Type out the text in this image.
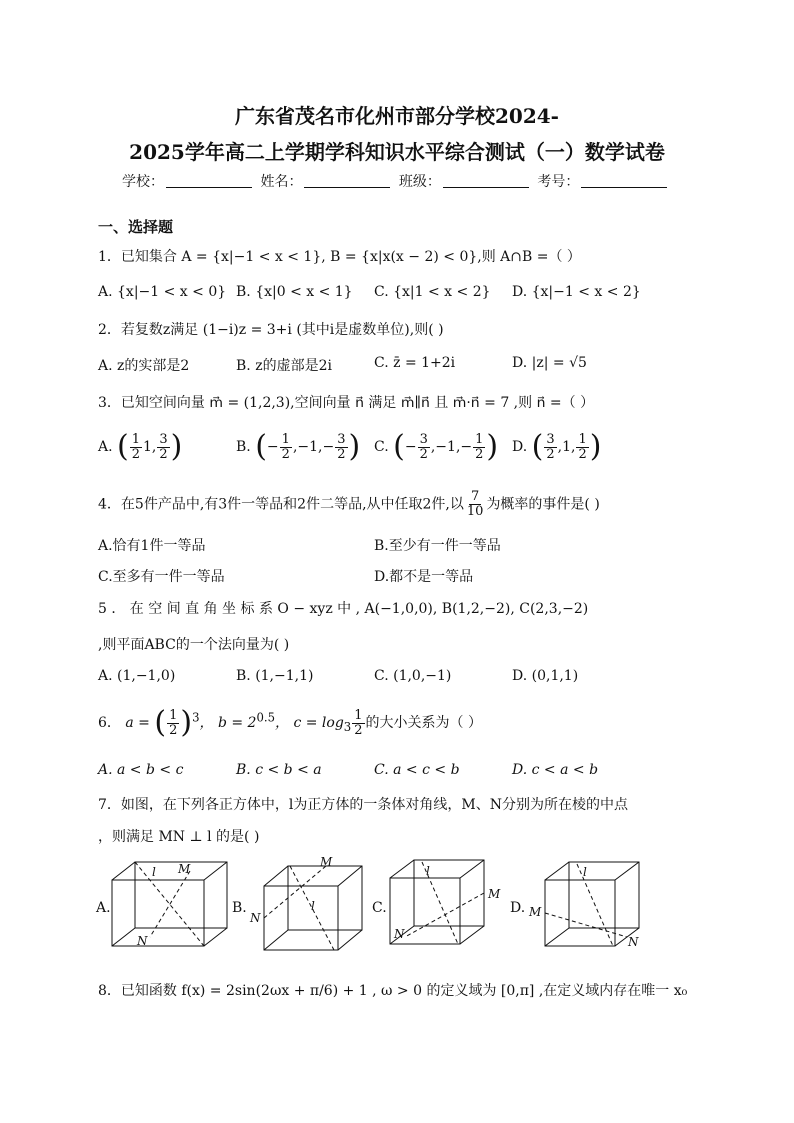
广东省茂名市化州市部分学校2024-
2025学年高二上学期学科知识水平综合测试（一）数学试卷
学校：	姓名：	班级：	考号：
一、选择题
1．已知集合 A = {x|−1 < x < 1}, B = {x|x(x − 2) < 0},则 A∩B =（ ）
A. {x|−1 < x < 0} B. {x|0 < x < 1} C. {x|1 < x < 2} D. {x|−1 < x < 2}
2．若复数z满足 (1−i)z = 3+i (其中i是虚数单位),则( )
A. z的实部是2	B. z的虚部是2i	C. z̄ = 1+2i	D. |z| = √5
3．已知空间向量 m⃗ = (1,2,3),空间向量 n⃗ 满足 m⃗∥n⃗ 且 m⃗·n⃗ = 7 ,则 n⃗ =（ ）
A. ( $\frac{1}{2} 1$, $\frac{3}{2}$ )	B. (− $\frac{1}{2} ,-1,- \frac{3}{2}$ ) C. (− $\frac{3}{2} ,-1,- \frac{1}{2}$ ) D. ( $\frac{3}{2} ,1$, $\frac{1}{2}$ )
4．在5件产品中,有3件一等品和2件二等品,从中任取2件,以 $\frac{7}{10}$ 为概率的事件是( )
A.恰有1件一等品	B.至少有一件一等品
C.至多有一件一等品	D.都不是一等品
5 ． 在 空 间 直 角 坐 标 系 O − xyz 中 , A(−1,0,0), B(1,2,−2), C(2,3,−2)
,则平面ABC的一个法向量为( )
A. (1,−1,0)	B. (1,−1,1)	C. (1,0,−1)	D. (0,1,1)
6． a = ( $\frac{1}{2} )^3$， $b = 2^{0.5}$， $c = \log_3 \frac{1}{2}$ 的大小关系为（ ）
A. a < b < c	B. c < b < a	C. a < c < b	D. c < a < b
7．如图，在下列各正方体中，l为正方体的一条体对角线，M、N分别为所在棱的中点
，则满足 MN ⊥ l 的是( )
A.	B.	C.	D.
l M
N
M
l
N
l
M
N
l
M
N
8．已知函数 f(x) = 2sin(2ωx + π/6) + 1 , ω > 0 的定义域为 [0,π] ,在定义域内存在唯一 x₀
